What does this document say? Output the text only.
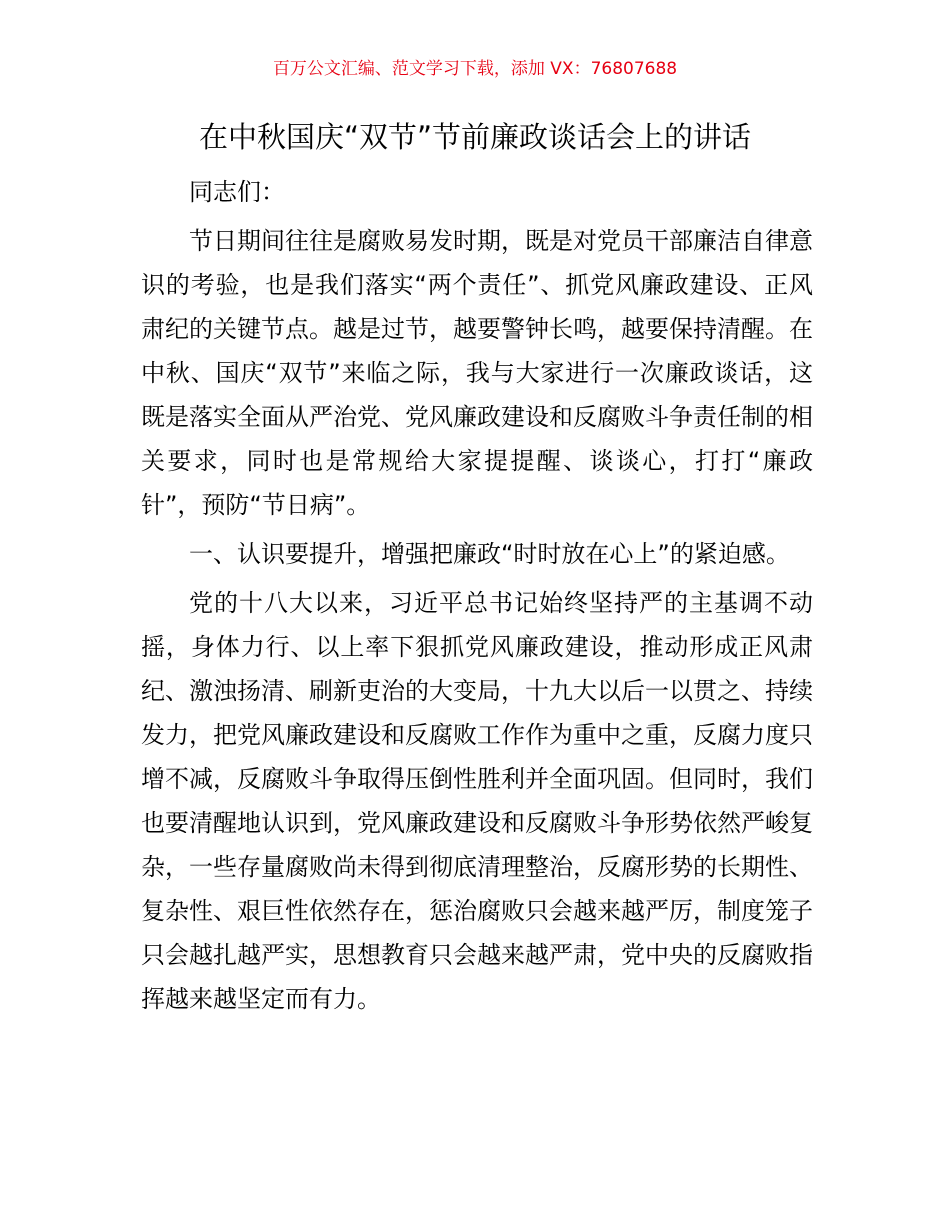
百万公文汇编、范文学习下载，添加 VX：76807688
在中秋国庆“双节”节前廉政谈话会上的讲话

同志们：

节日期间往往是腐败易发时期，既是对党员干部廉洁自律意识的考验，也是我们落实“两个责任”、抓党风廉政建设、正风肃纪的关键节点。越是过节，越要警钟长鸣，越要保持清醒。在中秋、国庆“双节”来临之际，我与大家进行一次廉政谈话，这既是落实全面从严治党、党风廉政建设和反腐败斗争责任制的相关要求，同时也是常规给大家提提醒、谈谈心，打打“廉政针”，预防“节日病”。

一、认识要提升，增强把廉政“时时放在心上”的紧迫感。

党的十八大以来，习近平总书记始终坚持严的主基调不动摇，身体力行、以上率下狠抓党风廉政建设，推动形成正风肃纪、激浊扬清、刷新吏治的大变局，十九大以后一以贯之、持续发力，把党风廉政建设和反腐败工作作为重中之重，反腐力度只增不减，反腐败斗争取得压倒性胜利并全面巩固。但同时，我们也要清醒地认识到，党风廉政建设和反腐败斗争形势依然严峻复杂，一些存量腐败尚未得到彻底清理整治，反腐形势的长期性、复杂性、艰巨性依然存在，惩治腐败只会越来越严厉，制度笼子只会越扎越严实，思想教育只会越来越严肃，党中央的反腐败指挥越来越坚定而有力。
